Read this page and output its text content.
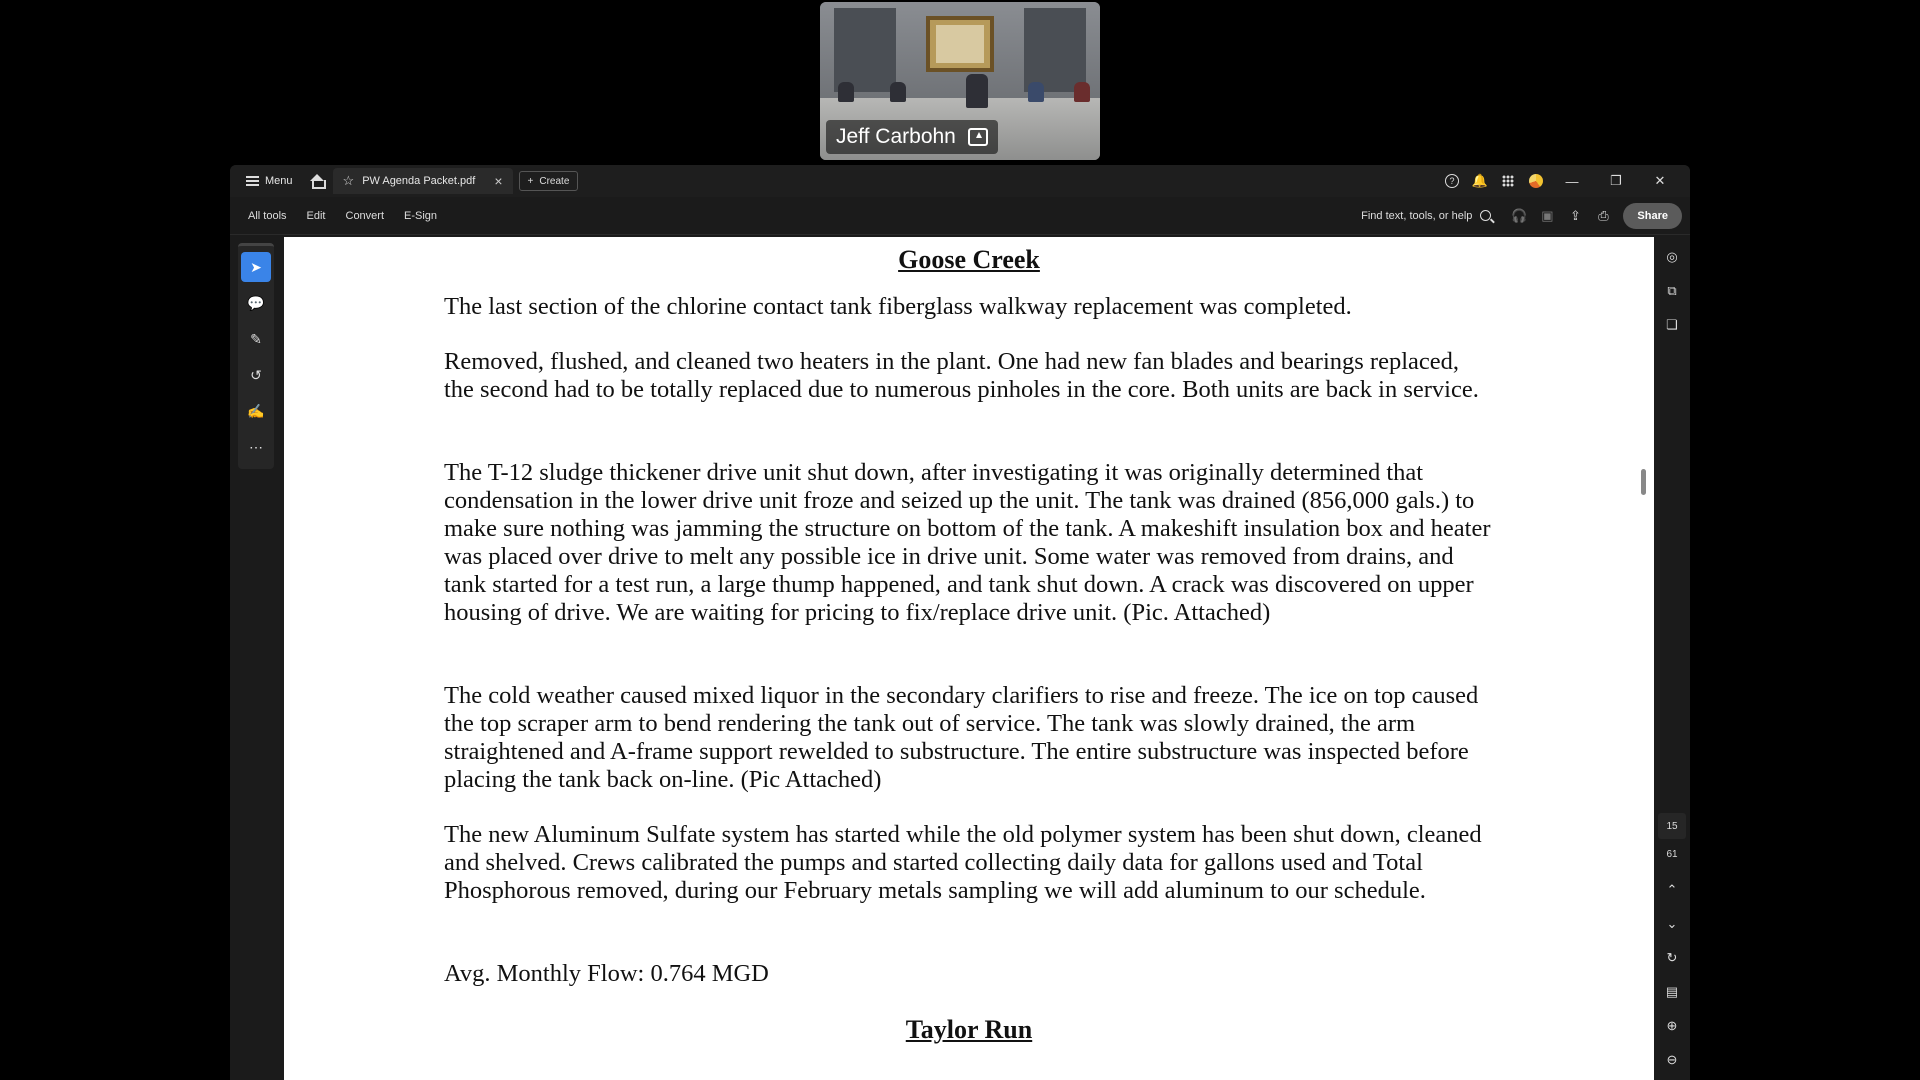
Jeff Carbohn
Menu	☆ PW Agenda Packet.pdf	×	+ Create	?	🔔	—	❐	✕
All tools	Edit	Convert	E-Sign	Find text, tools, or help	🎧 ▣ ⇪ ⎙	Share
➤
💬
✎
↺
✍
⋯
Goose Creek

The last section of the chlorine contact tank fiberglass walkway replacement was completed.

Removed, flushed, and cleaned two heaters in the plant. One had new fan blades and bearings replaced, the second had to be totally replaced due to numerous pinholes in the core. Both units are back in service.

The T-12 sludge thickener drive unit shut down, after investigating it was originally determined that condensation in the lower drive unit froze and seized up the unit. The tank was drained (856,000 gals.) to make sure nothing was jamming the structure on bottom of the tank. A makeshift insulation box and heater was placed over drive to melt any possible ice in drive unit. Some water was removed from drains, and tank started for a test run, a large thump happened, and tank shut down. A crack was discovered on upper housing of drive. We are waiting for pricing to fix/replace drive unit. (Pic. Attached)

The cold weather caused mixed liquor in the secondary clarifiers to rise and freeze. The ice on top caused the top scraper arm to bend rendering the tank out of service. The tank was slowly drained, the arm straightened and A-frame support rewelded to substructure. The entire substructure was inspected before placing the tank back on-line. (Pic Attached)

The new Aluminum Sulfate system has started while the old polymer system has been shut down, cleaned and shelved. Crews calibrated the pumps and started collecting daily data for gallons used and Total Phosphorous removed, during our February metals sampling we will add aluminum to our schedule.

Avg. Monthly Flow: 0.764 MGD

Taylor Run
◎
⧉
❏
15
61
⌃
⌄
↻
▤
⊕
⊖
